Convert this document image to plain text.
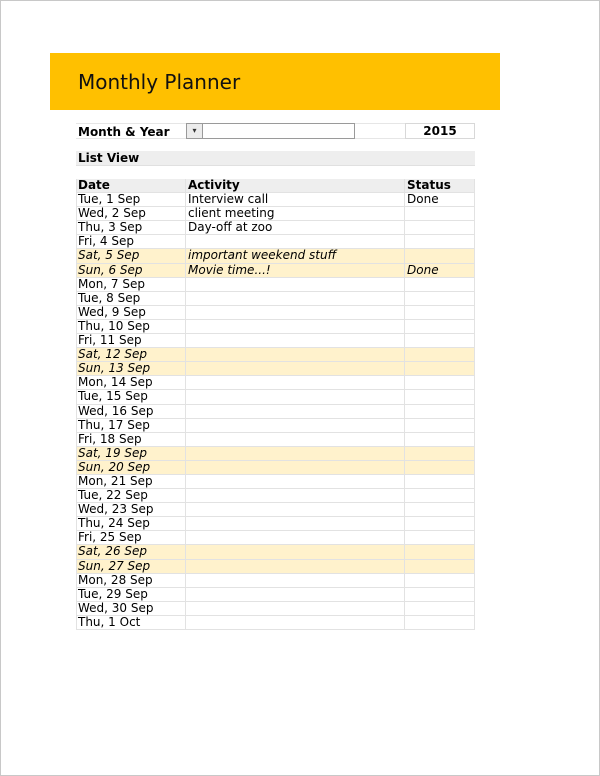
Monthly Planner
Month & Year	▾	2015
List View
Date	Activity	Status
Tue, 1 Sep	Interview call	Done
Wed, 2 Sep	client meeting
Thu, 3 Sep	Day-off at zoo
Fri, 4 Sep
Sat, 5 Sep	important weekend stuff
Sun, 6 Sep	Movie time...!	Done
Mon, 7 Sep
Tue, 8 Sep
Wed, 9 Sep
Thu, 10 Sep
Fri, 11 Sep
Sat, 12 Sep
Sun, 13 Sep
Mon, 14 Sep
Tue, 15 Sep
Wed, 16 Sep
Thu, 17 Sep
Fri, 18 Sep
Sat, 19 Sep
Sun, 20 Sep
Mon, 21 Sep
Tue, 22 Sep
Wed, 23 Sep
Thu, 24 Sep
Fri, 25 Sep
Sat, 26 Sep
Sun, 27 Sep
Mon, 28 Sep
Tue, 29 Sep
Wed, 30 Sep
Thu, 1 Oct
